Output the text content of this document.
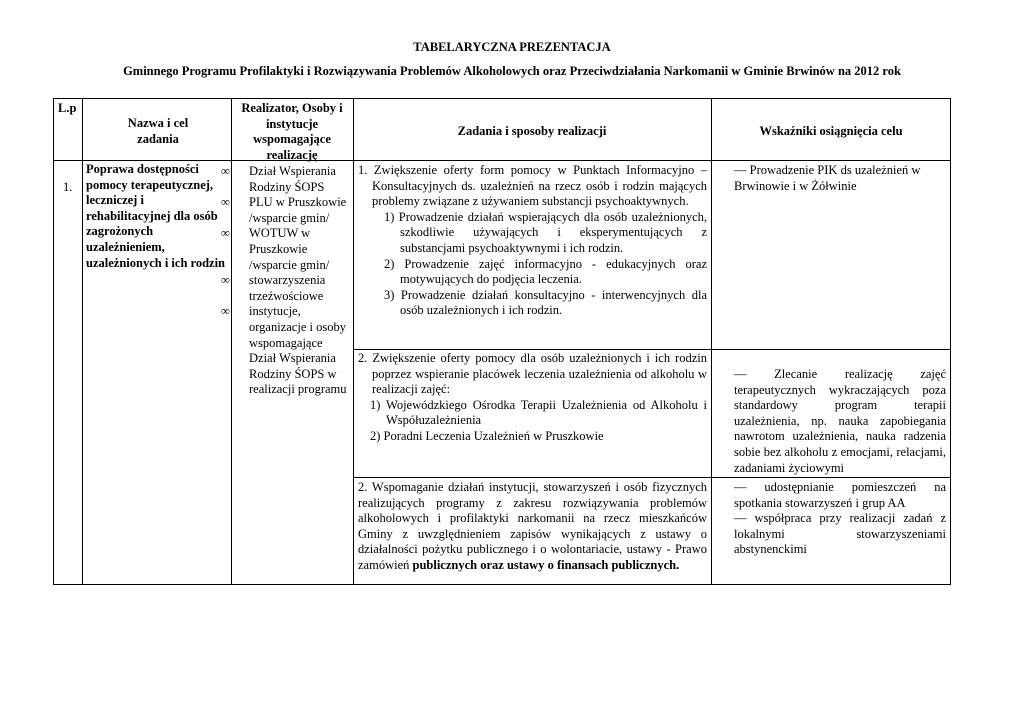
TABELARYCZNA PREZENTACJA
Gminnego Programu Profilaktyki i Rozwiązywania Problemów Alkoholowych oraz Przeciwdziałania Narkomanii w Gminie Brwinów na 2012 rok
L.p
Nazwa i cel zadania
Realizator, Osoby i instytucje wspomagające realizację
Zadania i sposoby realizacji	Wskaźniki osiągnięcia celu
1.
Poprawa dostępności pomocy terapeutycznej, leczniczej i rehabilitacyjnej dla osób zagrożonych uzależnieniem, uzależnionych i ich rodzin
∞ Dział Wspierania Rodziny ŚOPS
∞ PLU w Pruszkowie /wsparcie gmin/
∞ WOTUW w Pruszkowie /wsparcie gmin/
∞ stowarzyszenia trzeźwościowe
∞ instytucje, organizacje i osoby wspomagające Dział Wspierania Rodziny ŚOPS w realizacji programu
1. Zwiększenie oferty form pomocy w Punktach Informacyjno – Konsultacyjnych ds. uzależnień na rzecz osób i rodzin mających problemy związane z używaniem substancji psychoaktywnych.
1) Prowadzenie działań wspierających dla osób uzależnionych, szkodliwie używających i eksperymentujących z substancjami psychoaktywnymi i ich rodzin.
2) Prowadzenie zajęć informacyjno - edukacyjnych oraz motywujących do podjęcia leczenia.
3) Prowadzenie działań konsultacyjno - interwencyjnych dla osób uzależnionych i ich rodzin.
— Prowadzenie PIK ds uzależnień w Brwinowie i w Żółwinie
2. Zwiększenie oferty pomocy dla osób uzależnionych i ich rodzin poprzez wspieranie placówek leczenia uzależnienia od alkoholu w realizacji zajęć:
1) Wojewódzkiego Ośrodka Terapii Uzależnienia od Alkoholu i Współuzależnienia
2) Poradni Leczenia Uzależnień w Pruszkowie
— Zlecanie realizację zajęć terapeutycznych wykraczających poza standardowy program terapii uzależnienia, np. nauka zapobiegania nawrotom uzależnienia, nauka radzenia sobie bez alkoholu z emocjami, relacjami, zadaniami życiowymi
2. Wspomaganie działań instytucji, stowarzyszeń i osób fizycznych realizujących programy z zakresu rozwiązywania problemów alkoholowych i profilaktyki narkomanii na rzecz mieszkańców Gminy z uwzględnieniem zapisów wynikających z ustawy o działalności pożytku publicznego i o wolontariacie, ustawy - Prawo zamówień publicznych oraz ustawy o finansach publicznych.
— udostępnianie pomieszczeń na spotkania stowarzyszeń i grup AA
— współpraca przy realizacji zadań z lokalnymi stowarzyszeniami abstynenckimi
